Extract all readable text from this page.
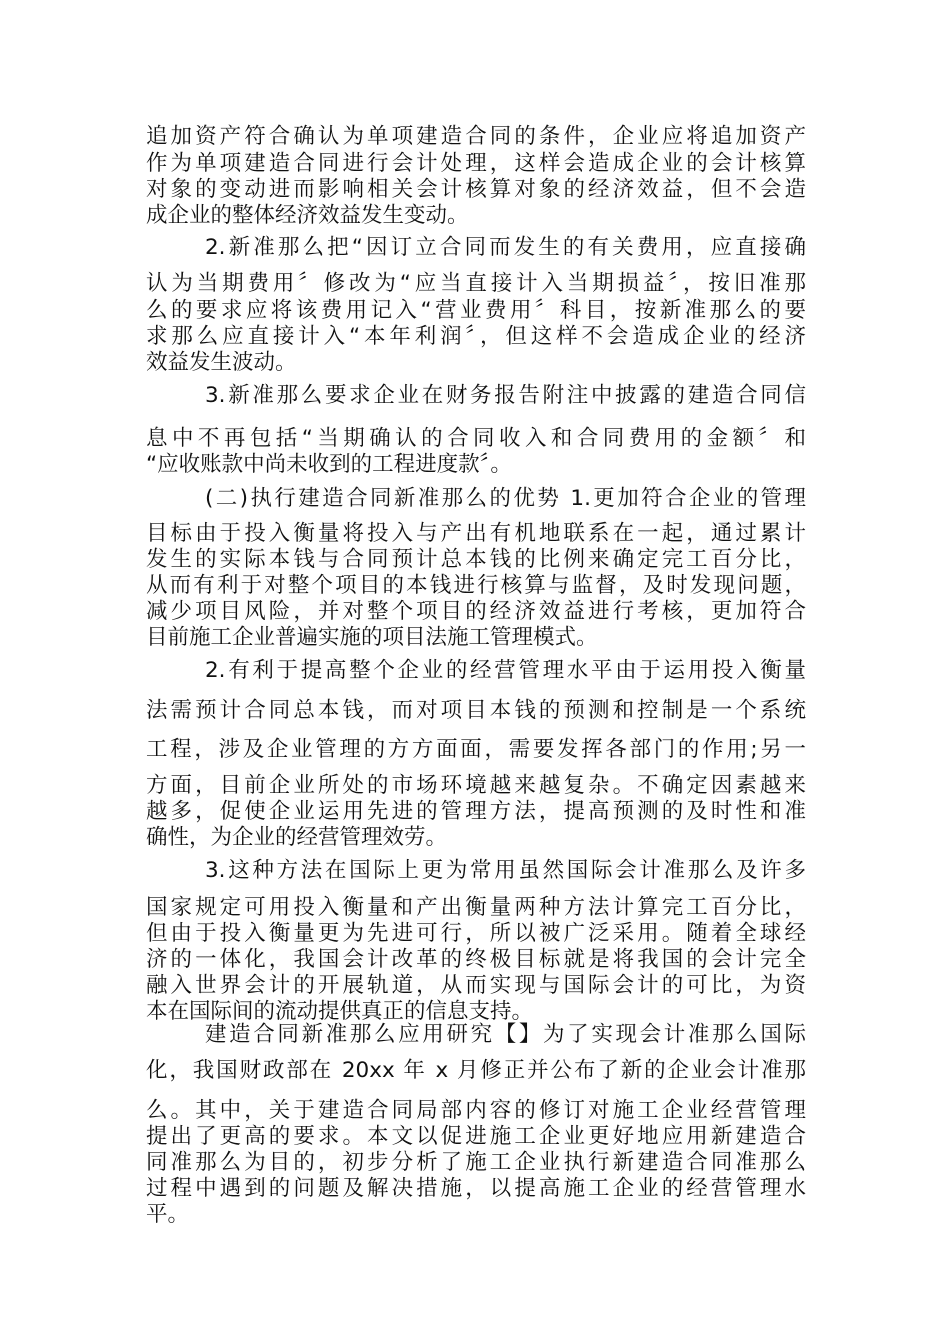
追加资产符合确认为单项建造合同的条件，企业应将追加资产

作为单项建造合同进行会计处理，这样会造成企业的会计核算

对象的变动进而影响相关会计核算对象的经济效益，但不会造

成企业的整体经济效益发生变动。

2.新准那么把“因订立合同而发生的有关费用，应直接确

认为当期费用〞修改为“应当直接计入当期损益〞，按旧准那

么的要求应将该费用记入“营业费用〞科目，按新准那么的要

求那么应直接计入“本年利润〞，但这样不会造成企业的经济

效益发生波动。

3.新准那么要求企业在财务报告附注中披露的建造合同信

息中不再包括“当期确认的合同收入和合同费用的金额〞和

“应收账款中尚未收到的工程进度款〞。

(二)执行建造合同新准那么的优势 1.更加符合企业的管理

目标由于投入衡量将投入与产出有机地联系在一起，通过累计

发生的实际本钱与合同预计总本钱的比例来确定完工百分比，

从而有利于对整个项目的本钱进行核算与监督，及时发现问题，

减少项目风险，并对整个项目的经济效益进行考核，更加符合

目前施工企业普遍实施的项目法施工管理模式。

2.有利于提高整个企业的经营管理水平由于运用投入衡量

法需预计合同总本钱，而对项目本钱的预测和控制是一个系统

工程，涉及企业管理的方方面面，需要发挥各部门的作用;另一

方面，目前企业所处的市场环境越来越复杂。不确定因素越来

越多，促使企业运用先进的管理方法，提高预测的及时性和准

确性，为企业的经营管理效劳。

3.这种方法在国际上更为常用虽然国际会计准那么及许多

国家规定可用投入衡量和产出衡量两种方法计算完工百分比，

但由于投入衡量更为先进可行，所以被广泛采用。随着全球经

济的一体化，我国会计改革的终极目标就是将我国的会计完全

融入世界会计的开展轨道，从而实现与国际会计的可比，为资

本在国际间的流动提供真正的信息支持。

建造合同新准那么应用研究【】为了实现会计准那么国际

化，我国财政部在 20xx 年 x 月修正并公布了新的企业会计准那

么。其中，关于建造合同局部内容的修订对施工企业经营管理

提出了更高的要求。本文以促进施工企业更好地应用新建造合

同准那么为目的，初步分析了施工企业执行新建造合同准那么

过程中遇到的问题及解决措施，以提高施工企业的经营管理水

平。
